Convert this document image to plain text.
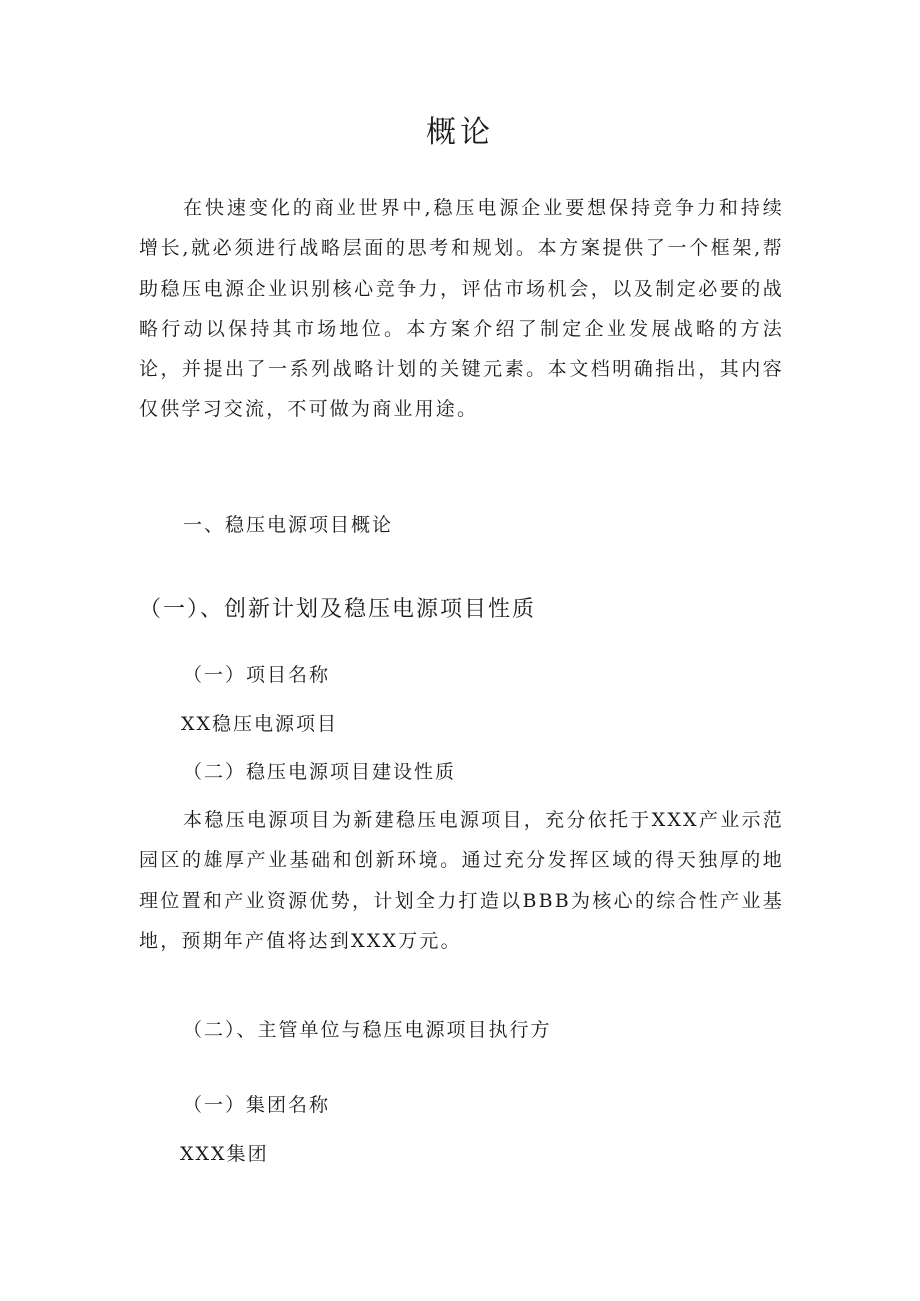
概论

在快速变化的商业世界中,稳压电源企业要想保持竞争力和持续增长,就必须进行战略层面的思考和规划。本方案提供了一个框架,帮助稳压电源企业识别核心竞争力，评估市场机会，以及制定必要的战略行动以保持其市场地位。本方案介绍了制定企业发展战略的方法论，并提出了一系列战略计划的关键元素。本文档明确指出，其内容仅供学习交流，不可做为商业用途。

一、稳压电源项目概论
（一）、创新计划及稳压电源项目性质
（一）项目名称
XX稳压电源项目
（二）稳压电源项目建设性质

本稳压电源项目为新建稳压电源项目，充分依托于XXX产业示范园区的雄厚产业基础和创新环境。通过充分发挥区域的得天独厚的地理位置和产业资源优势，计划全力打造以BBB为核心的综合性产业基地，预期年产值将达到XXX万元。

（二）、主管单位与稳压电源项目执行方
（一）集团名称
XXX集团
